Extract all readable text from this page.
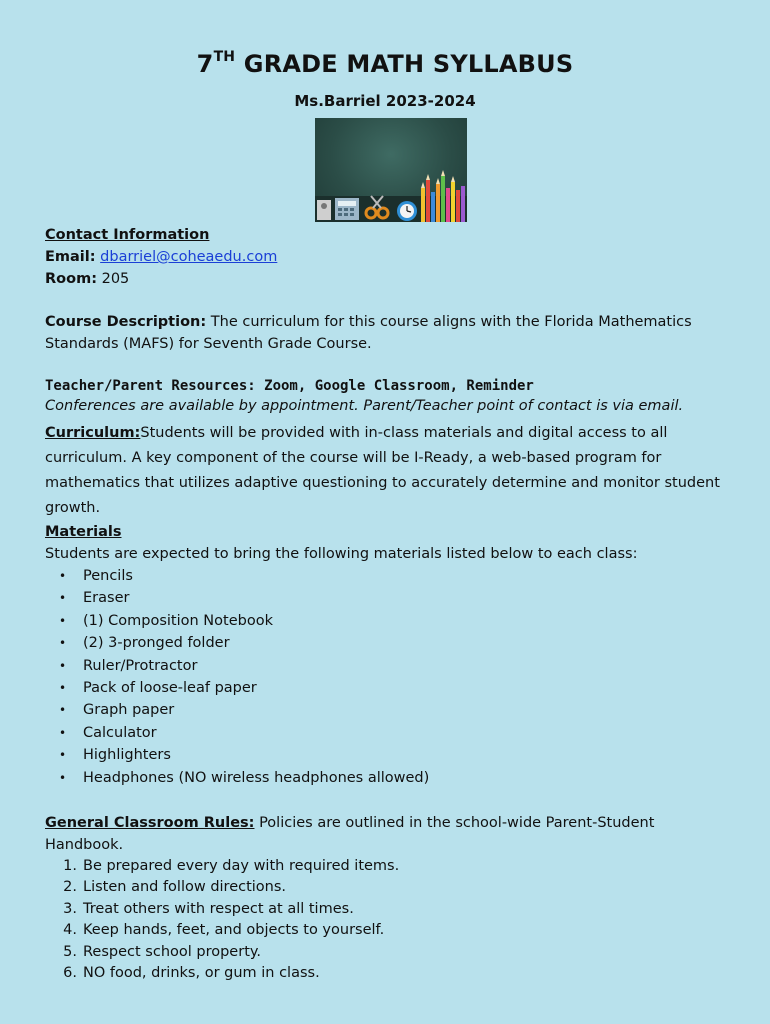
7TH GRADE MATH SYLLABUS
Ms.Barriel 2023-2024
Contact Information
Email: dbarriel@coheaedu.com
Room: 205
Course Description: The curriculum for this course aligns with the Florida Mathematics
Standards (MAFS) for Seventh Grade Course.
Teacher/Parent Resources: Zoom, Google Classroom, Reminder
Conferences are available by appointment. Parent/Teacher point of contact is via email.
Curriculum:Students will be provided with in-class materials and digital access to all
curriculum. A key component of the course will be I-Ready, a web-based program for
mathematics that utilizes adaptive questioning to accurately determine and monitor student
growth.
Materials
Students are expected to bring the following materials listed below to each class:
• Pencils
• Eraser
• (1) Composition Notebook
• (2) 3-pronged folder
• Ruler/Protractor
• Pack of loose-leaf paper
• Graph paper
• Calculator
• Highlighters
• Headphones (NO wireless headphones allowed)
General Classroom Rules: Policies are outlined in the school-wide Parent-Student Handbook.
1. Be prepared every day with required items.
2. Listen and follow directions.
3. Treat others with respect at all times.
4. Keep hands, feet, and objects to yourself.
5. Respect school property.
6. NO food, drinks, or gum in class.
